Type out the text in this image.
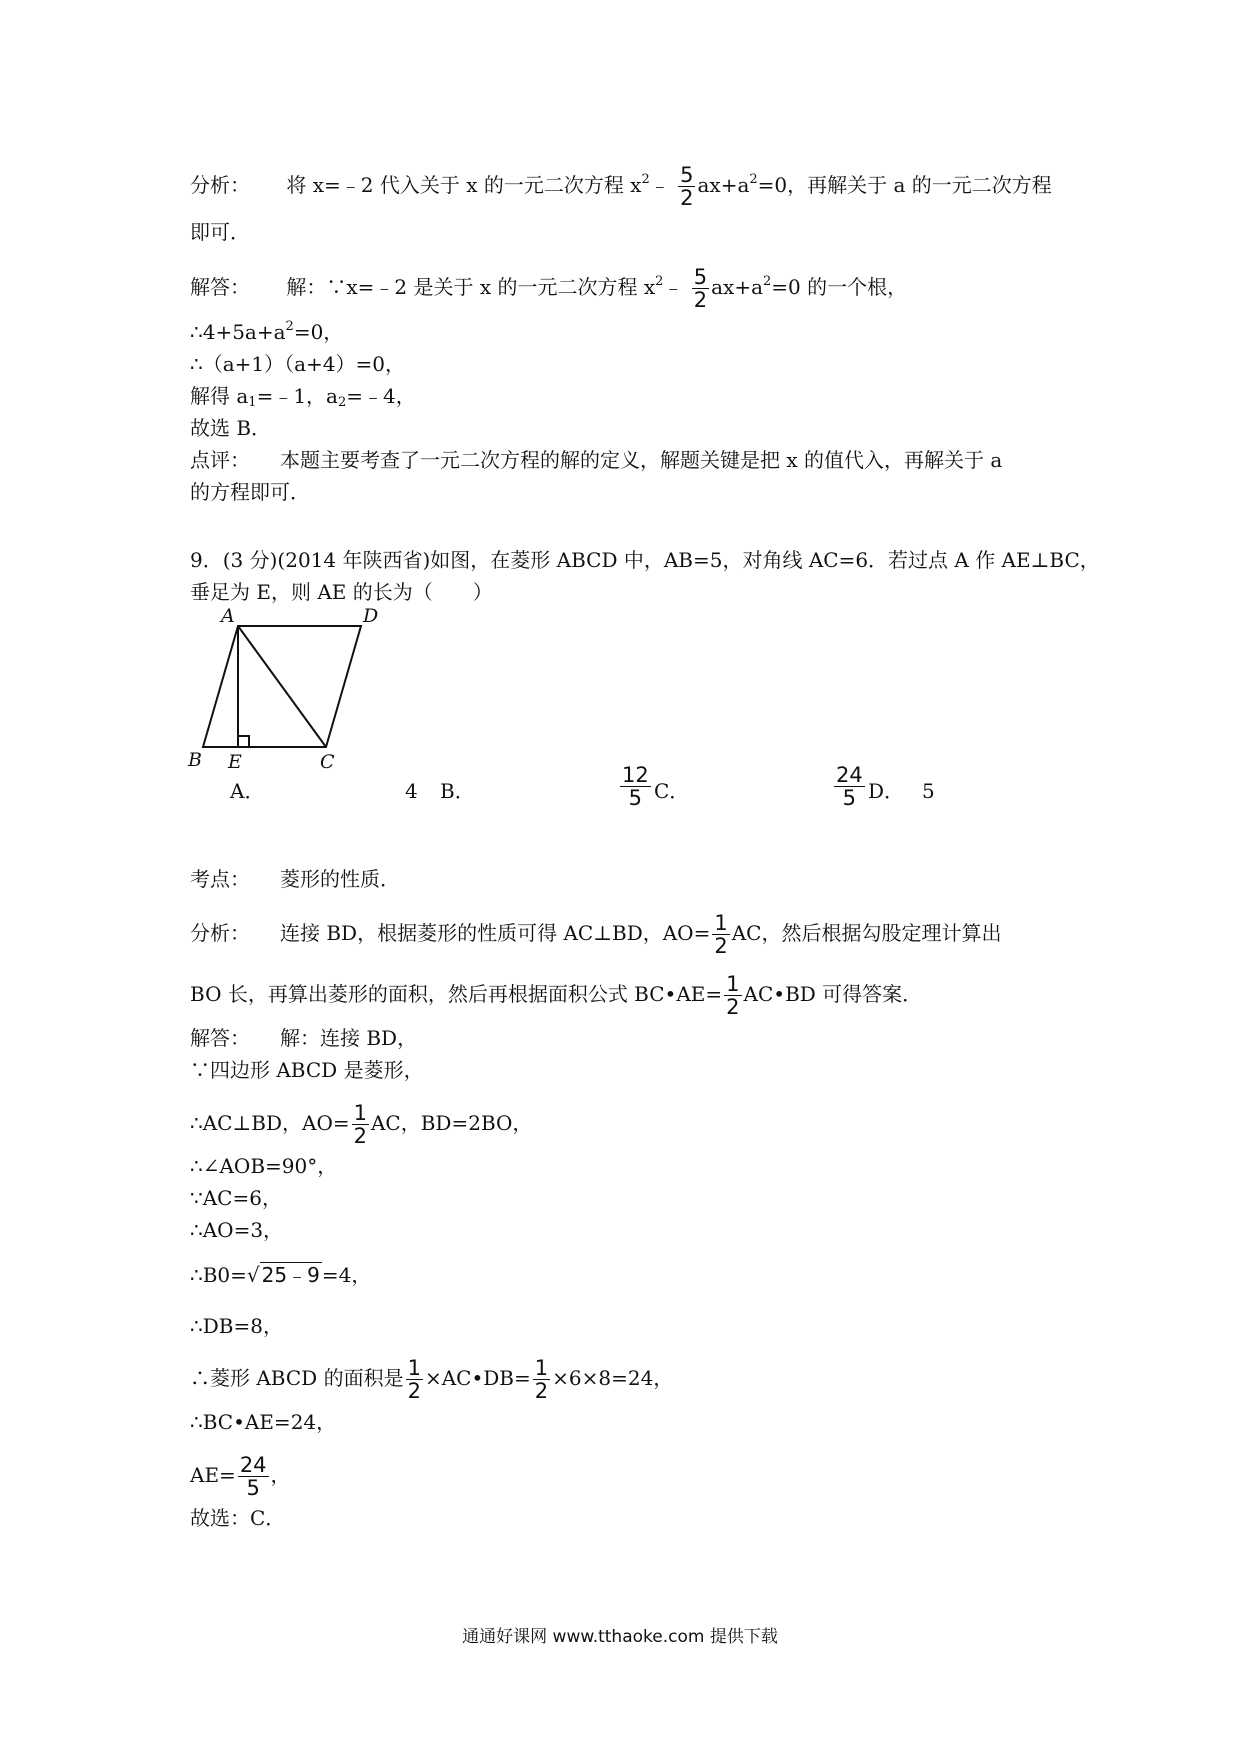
分析： 将 x=﹣2 代入关于 x 的一元二次方程 $x^2﹣ \frac{5}{2} ax+a^2=0$，再解关于 a 的一元二次方程
即可．
解答： 解：∵x=﹣2 是关于 x 的一元二次方程 $x^2﹣ \frac{5}{2} ax+a^2=0$ 的一个根，
$\therefore 4+5a+a^2=0$，
∴（a+1）（a+4）=0，
解得 $a_1=﹣1$，$a_2=﹣4$，
故选 B．
点评： 本题主要考查了一元二次方程的解的定义，解题关键是把 x 的值代入，再解关于 a
的方程即可．
9．(3 分)(2014 年陕西省)如图，在菱形 ABCD 中，AB=5，对角线 AC=6．若过点 A 作 AE⊥BC，
垂足为 E，则 AE 的长为（　　）
A	D
B E	C
A．	4 B．	$\frac{12}{5}$ C．	$\frac{24}{5}$ D． 5
考点： 菱形的性质．
分析： 连接 BD，根据菱形的性质可得 AC⊥BD，$AO= \frac{1}{2}$ AC，然后根据勾股定理计算出
BO 长，再算出菱形的面积，然后再根据面积公式 BC•AE= $\frac{1}{2}$ AC•BD 可得答案．
解答： 解：连接 BD，
∵四边形 ABCD 是菱形，
∴AC⊥BD，$AO= \frac{1}{2}$ AC，BD=2BO，
∴∠AOB=90°，
∵AC=6，
∴AO=3，
∴B0=√ 25﹣9 =4，
∴DB=8，
∴菱形 ABCD 的面积是 $\frac{1}{2}$ ×AC•DB= $\frac{1}{2} \times 6\times 8=24$，
∴BC•AE=24，
$AE= \frac{24}{5}$ ，
故选：C．
通通好课网 www.tthaoke.com 提供下载
